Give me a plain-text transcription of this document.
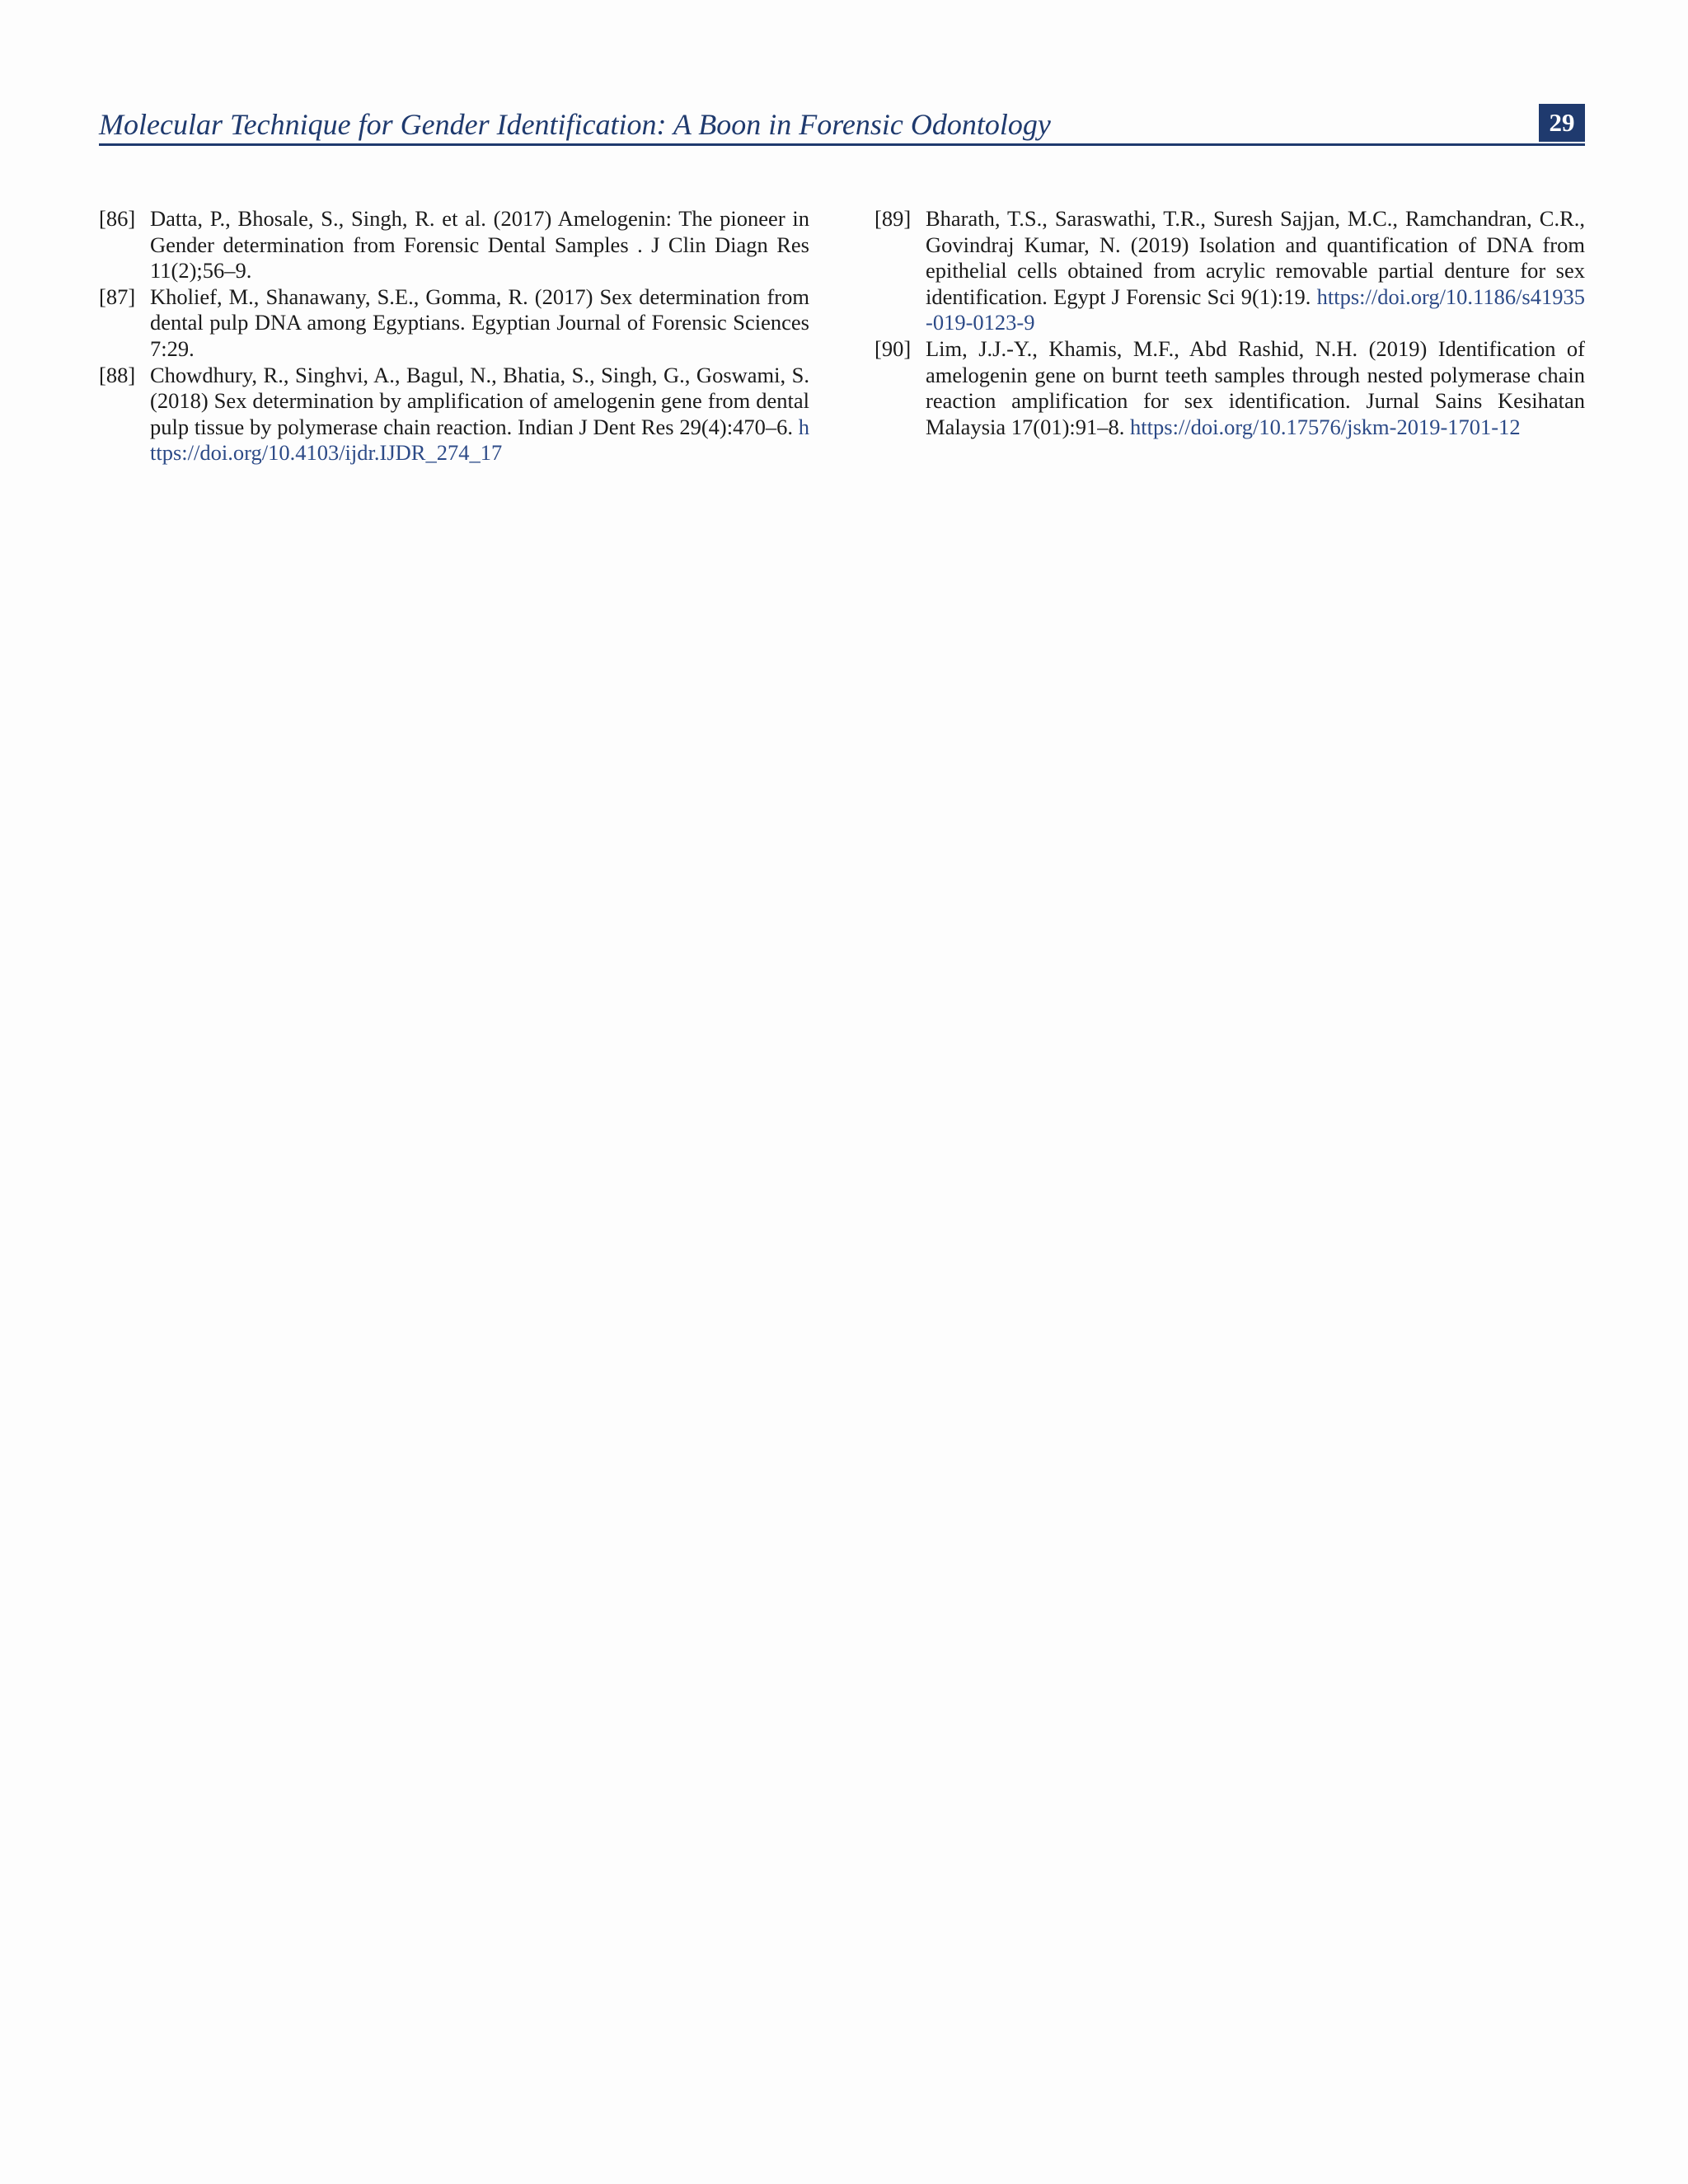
Molecular Technique for Gender Identification: A Boon in Forensic Odontology	29

[86] Datta, P., Bhosale, S., Singh, R. et al. (2017) Amelogenin: The pioneer in Gender determination from Forensic Dental Samples . J Clin Diagn Res 11(2);56–9.

[87] Kholief, M., Shanawany, S.E., Gomma, R. (2017) Sex determination from dental pulp DNA among Egyptians. Egyptian Journal of Forensic Sciences 7:29.

[88] Chowdhury, R., Singhvi, A., Bagul, N., Bhatia, S., Singh, G., Goswami, S. (2018) Sex determination by amplification of amelogenin gene from dental pulp tissue by polymerase chain reaction. Indian J Dent Res 29(4):470–6. https://doi.org/10.4103/ijdr.IJDR_274_17

[89] Bharath, T.S., Saraswathi, T.R., Suresh Sajjan, M.C., Ramchandran, C.R., Govindraj Kumar, N. (2019) Isolation and quantification of DNA from epithelial cells obtained from acrylic removable partial denture for sex identification. Egypt J Forensic Sci 9(1):19. https://doi.org/10.1186/s41935-019-0123-9

[90] Lim, J.J.-Y., Khamis, M.F., Abd Rashid, N.H. (2019) Identification of amelogenin gene on burnt teeth samples through nested polymerase chain reaction amplification for sex identification. Jurnal Sains Kesihatan Malaysia 17(01):91–8. https://doi.org/10.17576/jskm-2019-1701-12
